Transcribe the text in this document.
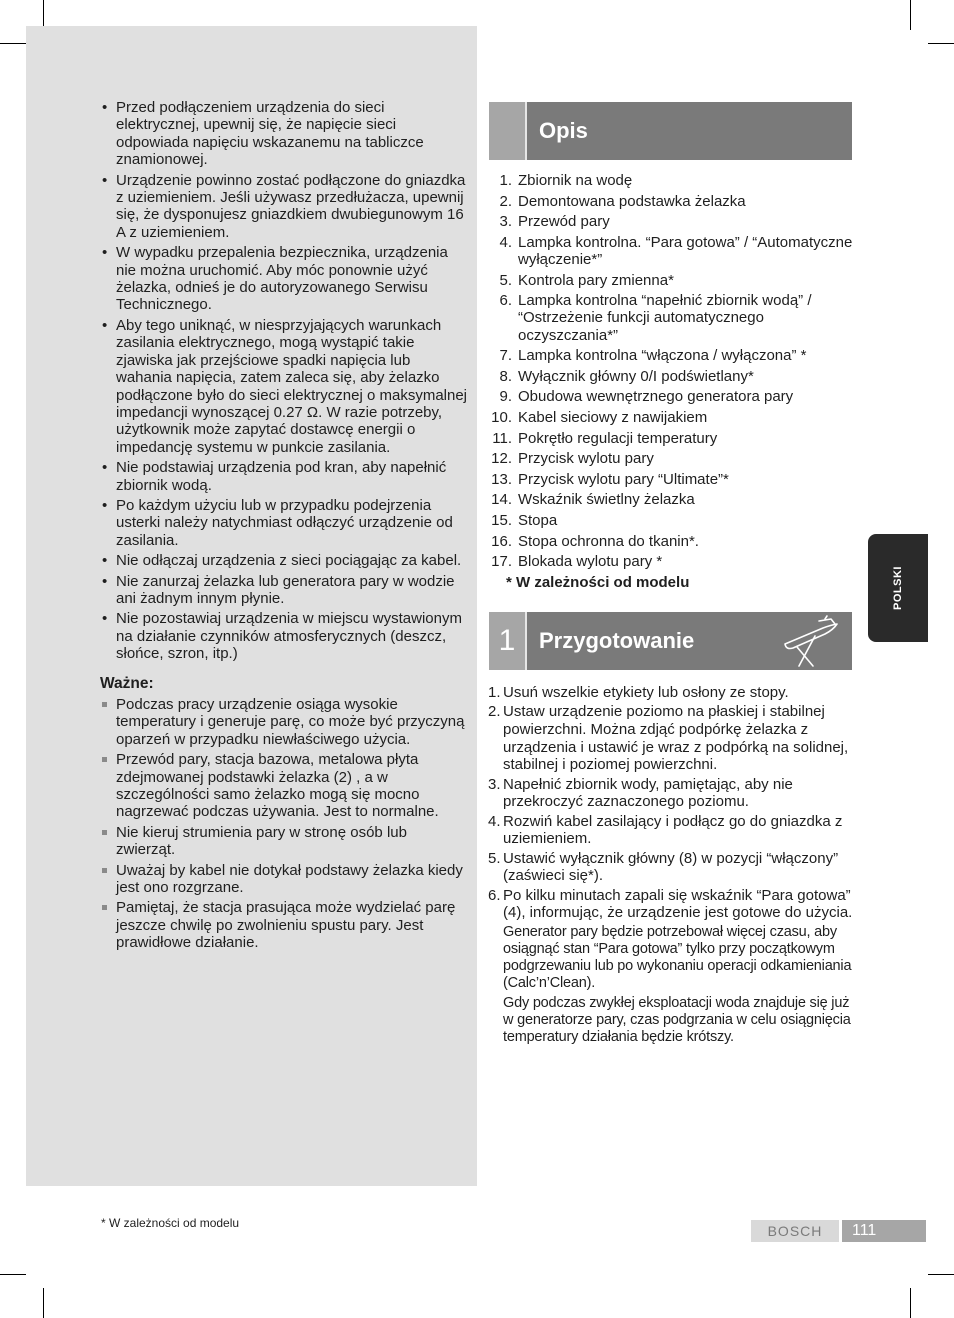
• Przed podłączeniem urządzenia do sieci elektrycznej, upewnij się, że napięcie sieci odpowiada napięciu wskazanemu na tabliczce znamionowej.
• Urządzenie powinno zostać podłączone do gniazdka z uziemieniem. Jeśli używasz przedłużacza, upewnij się, że dysponujesz gniazdkiem dwubiegunowym 16 A z uziemieniem.
• W wypadku przepalenia bezpiecznika, urządzenia nie można uruchomić. Aby móc ponownie użyć żelazka, odnieś je do autoryzowanego Serwisu Technicznego.
• Aby tego uniknąć, w niesprzyjających warunkach zasilania elektrycznego, mogą wystąpić takie zjawiska jak przejściowe spadki napięcia lub wahania napięcia, zatem zaleca się, aby żelazko podłączone było do sieci elektrycznej o maksymalnej impedancji wynoszącej 0.27 Ω. W razie potrzeby, użytkownik może zapytać dostawcę energii o impedancję systemu w punkcie zasilania.
• Nie podstawiaj urządzenia pod kran, aby napełnić zbiornik wodą.
• Po każdym użyciu lub w przypadku podejrzenia usterki należy natychmiast odłączyć urządzenie od zasilania.
• Nie odłączaj urządzenia z sieci pociągając za kabel.
• Nie zanurzaj żelazka lub generatora pary w wodzie ani żadnym innym płynie.
• Nie pozostawiaj urządzenia w miejscu wystawionym na działanie czynników atmosferycznych (deszcz, słońce, szron, itp.)
Ważne:
Podczas pracy urządzenie osiąga wysokie temperatury i generuje parę, co może być przyczyną oparzeń w przypadku niewłaściwego użycia.
Przewód pary, stacja bazowa, metalowa płyta zdejmowanej podstawki żelazka (2) , a w szczególności samo żelazko mogą się mocno nagrzewać podczas używania. Jest to normalne.
Nie kieruj strumienia pary w stronę osób lub zwierząt.
Uważaj by kabel nie dotykał podstawy żelazka kiedy jest ono rozgrzane.
Pamiętaj, że stacja prasująca może wydzielać parę jeszcze chwilę po zwolnieniu spustu pary. Jest prawidłowe działanie.
Opis
1. Zbiornik na wodę
2. Demontowana podstawka żelazka
3. Przewód pary
4. Lampka kontrolna. “Para gotowa” / “Automatyczne wyłączenie*”
5. Kontrola pary zmienna*
6. Lampka kontrolna “napełnić zbiornik wodą” / “Ostrzeżenie funkcji automatycznego oczyszczania*”
7. Lampka kontrolna “włączona / wyłączona” *
8. Wyłącznik główny 0/I podświetlany*
9. Obudowa wewnętrznego generatora pary
10. Kabel sieciowy z nawijakiem
11. Pokrętło regulacji temperatury
12. Przycisk wylotu pary
13. Przycisk wylotu pary “Ultimate”*
14. Wskaźnik świetlny żelazka
15. Stopa
16. Stopa ochronna do tkanin*.
17. Blokada wylotu pary *
* W zależności od modelu
1	Przygotowanie
1. Usuń wszelkie etykiety lub osłony ze stopy.
2. Ustaw urządzenie poziomo na płaskiej i stabilnej powierzchni. Można zdjąć podpórkę żelazka z urządzenia i ustawić je wraz z podpórką na solidnej, stabilnej i poziomej powierzchni.
3. Napełnić zbiornik wody, pamiętając, aby nie przekroczyć zaznaczonego poziomu.
4. Rozwiń kabel zasilający i podłącz go do gniazdka z uziemieniem.
5. Ustawić wyłącznik główny (8) w pozycji “włączony” (zaświeci się*).
6. Po kilku minutach zapali się wskaźnik “Para gotowa” (4), informując, że urządzenie jest gotowe do użycia.
Generator pary będzie potrzebował więcej czasu, aby osiągnąć stan “Para gotowa” tylko przy początkowym podgrzewaniu lub po wykonaniu operacji odkamieniania (Calc’n’Clean).
Gdy podczas zwykłej eksploatacji woda znajduje się już w generatorze pary, czas podgrzania w celu osiągnięcia temperatury działania będzie krótszy.
* W zależności od modelu
POLSKI
BOSCH	111
